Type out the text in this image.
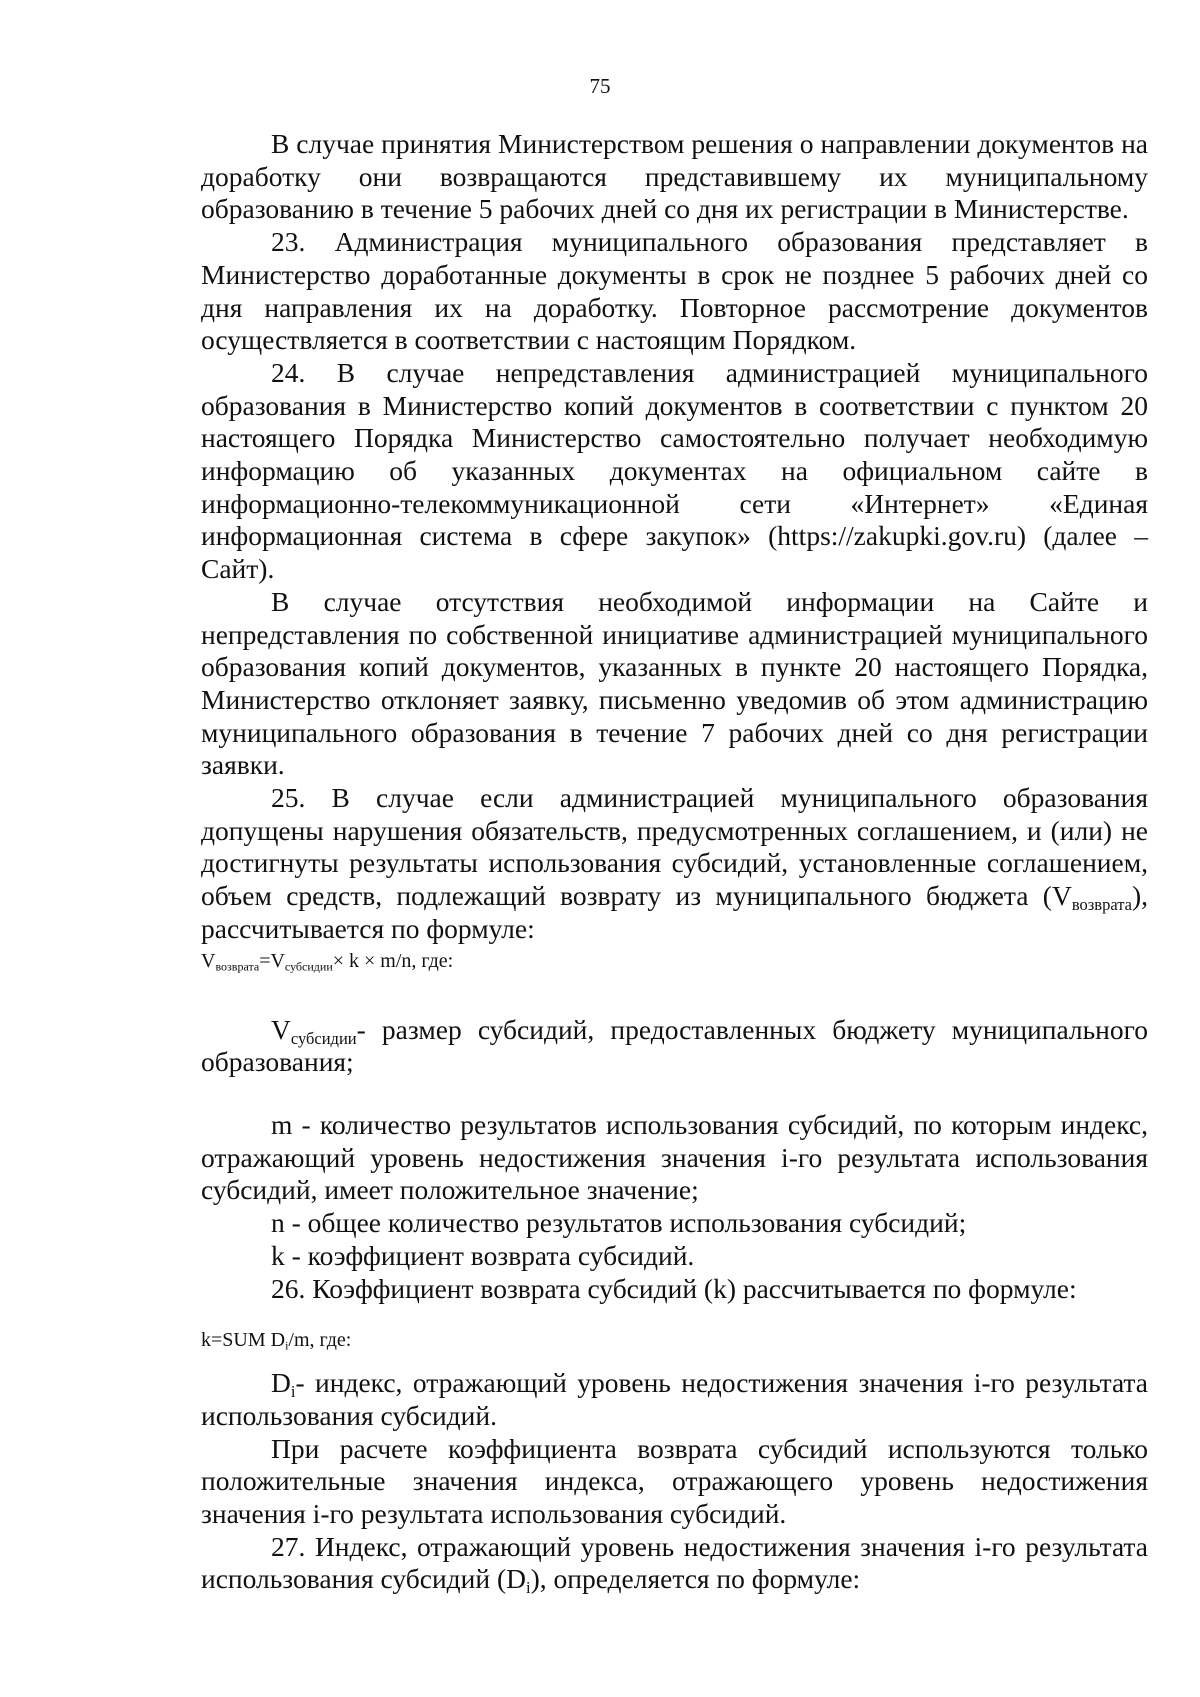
75

В случае принятия Министерством решения о направлении документов на доработку они возвращаются представившему их муниципальному образованию в течение 5 рабочих дней со дня их регистрации в Министерстве.

23. Администрация муниципального образования представляет в Министерство доработанные документы в срок не позднее 5 рабочих дней со дня направления их на доработку. Повторное рассмотрение документов осуществляется в соответствии с настоящим Порядком.

24. В случае непредставления администрацией муниципального образования в Министерство копий документов в соответствии с пунктом 20 настоящего Порядка Министерство самостоятельно получает необходимую информацию об указанных документах на официальном сайте в информационно-телекоммуникационной сети «Интернет» «Единая информационная система в сфере закупок» (https://zakupki.gov.ru) (далее – Сайт).

В случае отсутствия необходимой информации на Сайте и непредставления по собственной инициативе администрацией муниципального образования копий документов, указанных в пункте 20 настоящего Порядка, Министерство отклоняет заявку, письменно уведомив об этом администрацию муниципального образования в течение 7 рабочих дней со дня регистрации заявки.

25. В случае если администрацией муниципального образования допущены нарушения обязательств, предусмотренных соглашением, и (или) не достигнуты результаты использования субсидий, установленные соглашением, объем средств, подлежащий возврату из муниципального бюджета $(V_{возврата})$, рассчитывается по формуле:

$V_{возврата}=V_{субсидии}\times k \times m/n$, где:

$V_{субсидии}-$ размер субсидий, предоставленных бюджету муниципального образования;

m - количество результатов использования субсидий, по которым индекс, отражающий уровень недостижения значения i-го результата использования субсидий, имеет положительное значение;

n - общее количество результатов использования субсидий;

k - коэффициент возврата субсидий.

26. Коэффициент возврата субсидий (k) рассчитывается по формуле:

k=SUM $D_i/m$, где:

$D_i-$ индекс, отражающий уровень недостижения значения i-го результата использования субсидий.

При расчете коэффициента возврата субсидий используются только положительные значения индекса, отражающего уровень недостижения значения i-го результата использования субсидий.

27. Индекс, отражающий уровень недостижения значения i-го результата использования субсидий $(D_i)$, определяется по формуле:
